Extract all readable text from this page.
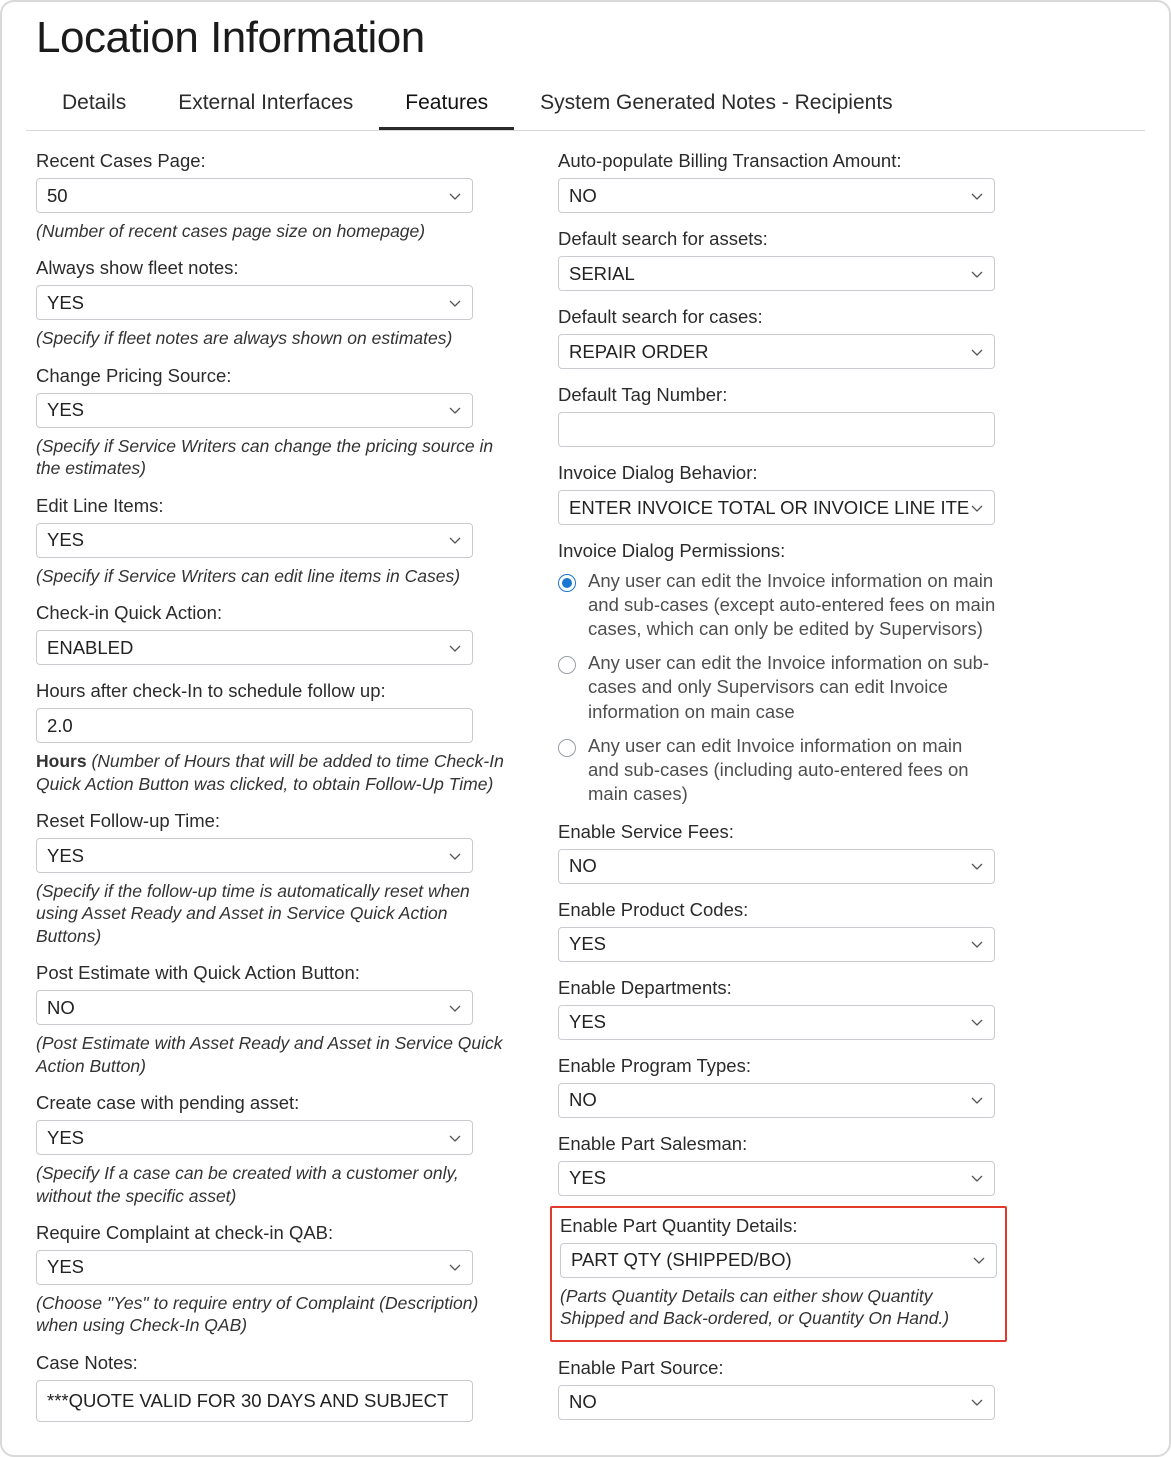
Location Information
Details	External Interfaces	Features	System Generated Notes - Recipients
Recent Cases Page:
50
(Number of recent cases page size on homepage)
Always show fleet notes:
YES
(Specify if fleet notes are always shown on estimates)
Change Pricing Source:
YES
(Specify if Service Writers can change the pricing source in the estimates)
Edit Line Items:
YES
(Specify if Service Writers can edit line items in Cases)
Check-in Quick Action:
ENABLED
Hours after check-In to schedule follow up:
2.0
Hours (Number of Hours that will be added to time Check-In Quick Action Button was clicked, to obtain Follow-Up Time)
Reset Follow-up Time:
YES
(Specify if the follow-up time is automatically reset when using Asset Ready and Asset in Service Quick Action Buttons)
Post Estimate with Quick Action Button:
NO
(Post Estimate with Asset Ready and Asset in Service Quick Action Button)
Create case with pending asset:
YES
(Specify If a case can be created with a customer only, without the specific asset)
Require Complaint at check-in QAB:
YES
(Choose "Yes" to require entry of Complaint (Description) when using Check-In QAB)
Case Notes:
***QUOTE VALID FOR 30 DAYS AND SUBJECT
Auto-populate Billing Transaction Amount:
NO
Default search for assets:
SERIAL
Default search for cases:
REPAIR ORDER
Default Tag Number:
Invoice Dialog Behavior:
ENTER INVOICE TOTAL OR INVOICE LINE ITE
Invoice Dialog Permissions:
Any user can edit the Invoice information on main and sub-cases (except auto-entered fees on main cases, which can only be edited by Supervisors)
Any user can edit the Invoice information on sub-cases and only Supervisors can edit Invoice information on main case
Any user can edit Invoice information on main and sub-cases (including auto-entered fees on main cases)
Enable Service Fees:
NO
Enable Product Codes:
YES
Enable Departments:
YES
Enable Program Types:
NO
Enable Part Salesman:
YES
Enable Part Quantity Details:
PART QTY (SHIPPED/BO)
(Parts Quantity Details can either show Quantity Shipped and Back-ordered, or Quantity On Hand.)
Enable Part Source:
NO
